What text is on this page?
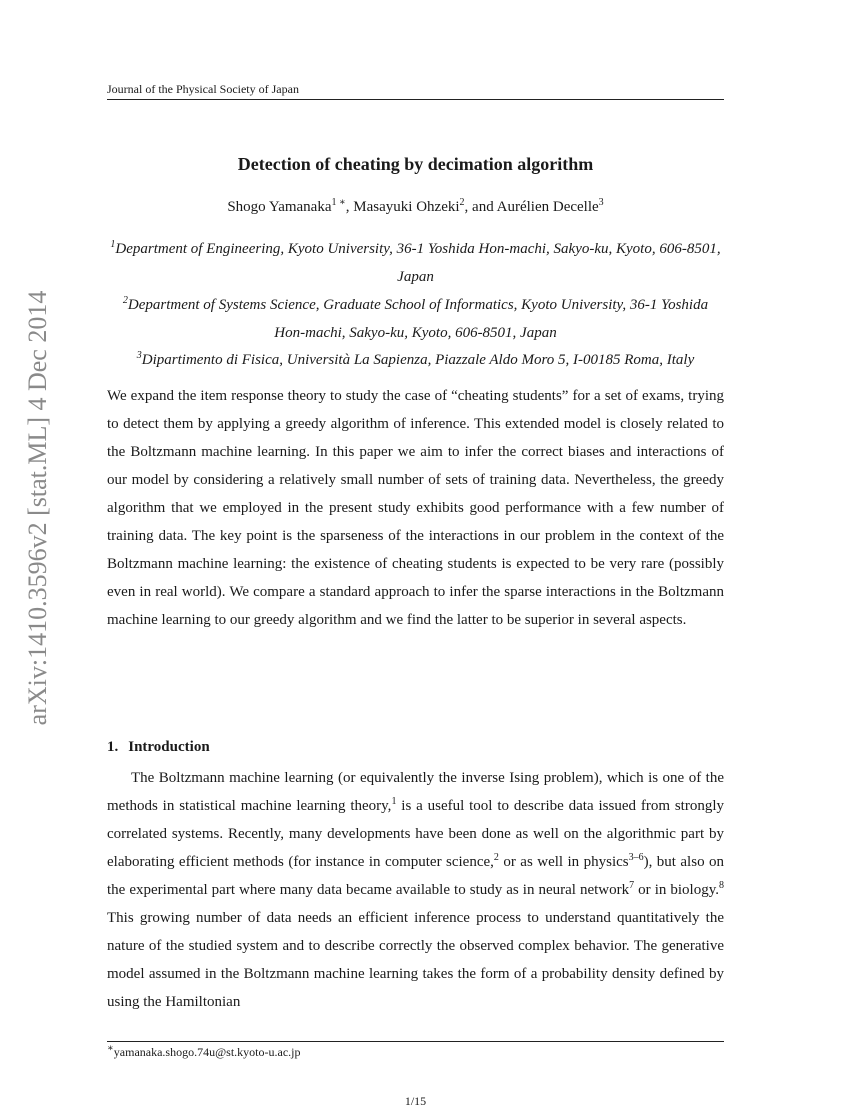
Journal of the Physical Society of Japan
arXiv:1410.3596v2 [stat.ML] 4 Dec 2014
Detection of cheating by decimation algorithm
Shogo Yamanaka$^{1 ∗}$, Masayuki Ohzeki$^2$, and Aurélien Decelle$^3$
$^1$Department of Engineering, Kyoto University, 36-1 Yoshida Hon-machi, Sakyo-ku, Kyoto, 606-8501, Japan
$^2$Department of Systems Science, Graduate School of Informatics, Kyoto University, 36-1 Yoshida Hon-machi, Sakyo-ku, Kyoto, 606-8501, Japan
$^3$Dipartimento di Fisica, Università La Sapienza, Piazzale Aldo Moro 5, I-00185 Roma, Italy

We expand the item response theory to study the case of “cheating students” for a set of exams, trying to detect them by applying a greedy algorithm of inference. This extended model is closely related to the Boltzmann machine learning. In this paper we aim to infer the correct biases and interactions of our model by considering a relatively small number of sets of training data. Nevertheless, the greedy algorithm that we employed in the present study exhibits good performance with a few number of training data. The key point is the sparseness of the interactions in our problem in the context of the Boltzmann machine learning: the existence of cheating students is expected to be very rare (possibly even in real world). We compare a standard approach to infer the sparse interactions in the Boltzmann machine learning to our greedy algorithm and we find the latter to be superior in several aspects.

1. Introduction

The Boltzmann machine learning (or equivalently the inverse Ising problem), which is one of the methods in statistical machine learning theory,$^1$ is a useful tool to describe data issued from strongly correlated systems. Recently, many developments have been done as well on the algorithmic part by elaborating efficient methods (for instance in computer science,$^2$ or as well in physics$^{3-6}$), but also on the experimental part where many data became available to study as in neural network$^7$ or in biology.$^8$ This growing number of data needs an efficient inference process to understand quantitatively the nature of the studied system and to describe correctly the observed complex behavior. The generative model assumed in the Boltzmann machine learning takes the form of a probability density defined by using the Hamiltonian

∗yamanaka.shogo.74u@st.kyoto-u.ac.jp
1/15
